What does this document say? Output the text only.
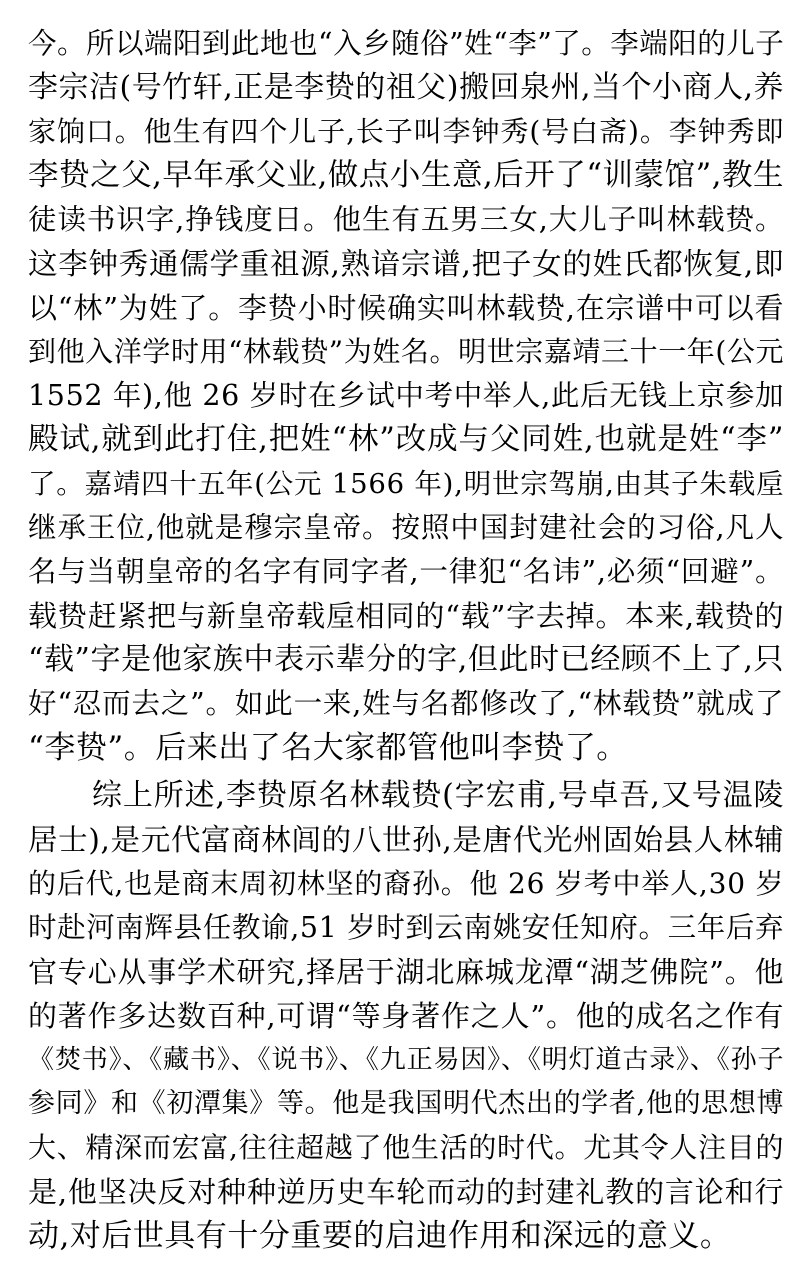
今。所以端阳到此地也“入乡随俗”姓“李”了。李端阳的儿子
李宗洁(号竹轩,正是李贽的祖父)搬回泉州,当个小商人,养
家饷口。他生有四个儿子,长子叫李钟秀(号白斋)。李钟秀即
李贽之父,早年承父业,做点小生意,后开了“训蒙馆”,教生
徒读书识字,挣钱度日。他生有五男三女,大儿子叫林载贽。
这李钟秀通儒学重祖源,熟谙宗谱,把子女的姓氏都恢复,即
以“林”为姓了。李贽小时候确实叫林载贽,在宗谱中可以看
到他入洋学时用“林载贽”为姓名。明世宗嘉靖三十一年(公元
1552 年),他 26 岁时在乡试中考中举人,此后无钱上京参加
殿试,就到此打住,把姓“林”改成与父同姓,也就是姓“李”
了。嘉靖四十五年(公元 1566 年),明世宗驾崩,由其子朱载垕
继承王位,他就是穆宗皇帝。按照中国封建社会的习俗,凡人
名与当朝皇帝的名字有同字者,一律犯“名讳”,必须“回避”。
载贽赶紧把与新皇帝载垕相同的“载”字去掉。本来,载贽的
“载”字是他家族中表示辈分的字,但此时已经顾不上了,只
好“忍而去之”。如此一来,姓与名都修改了,“林载贽”就成了
“李贽”。后来出了名大家都管他叫李贽了。
综上所述,李贽原名林载贽(字宏甫,号卓吾,又号温陵
居士),是元代富商林闾的八世孙,是唐代光州固始县人林辅
的后代,也是商末周初林坚的裔孙。他 26 岁考中举人,30 岁
时赴河南辉县任教谕,51 岁时到云南姚安任知府。三年后弃
官专心从事学术研究,择居于湖北麻城龙潭“湖芝佛院”。他
的著作多达数百种,可谓“等身著作之人”。他的成名之作有
《焚书》、《藏书》、《说书》、《九正易因》、《明灯道古录》、《孙子
参同》和《初潭集》等。他是我国明代杰出的学者,他的思想博
大、精深而宏富,往往超越了他生活的时代。尤其令人注目的
是,他坚决反对种种逆历史车轮而动的封建礼教的言论和行
动,对后世具有十分重要的启迪作用和深远的意义。
